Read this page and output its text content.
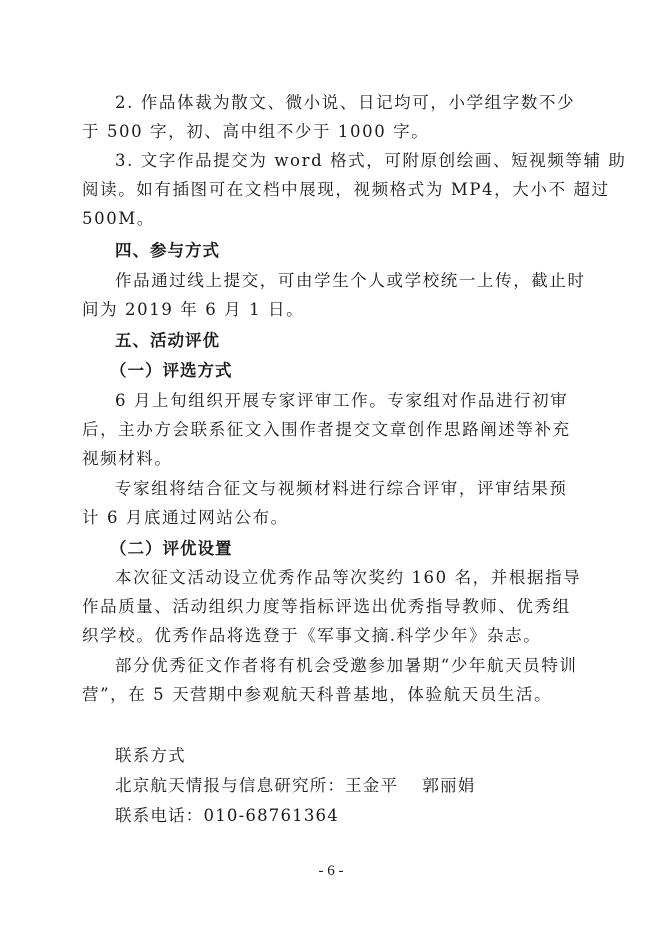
2. 作品体裁为散文、微小说、日记均可，小学组字数不少
于 500 字，初、高中组不少于 1000 字。
3. 文字作品提交为 word 格式，可附原创绘画、短视频等辅 助
阅读。如有插图可在文档中展现，视频格式为 MP4，大小不 超过
500M。
四、参与方式
作品通过线上提交，可由学生个人或学校统一上传，截止时
间为 2019 年 6 月 1 日。
五、活动评优
（一）评选方式
6 月上旬组织开展专家评审工作。专家组对作品进行初审
后，主办方会联系征文入围作者提交文章创作思路阐述等补充
视频材料。
专家组将结合征文与视频材料进行综合评审，评审结果预
计 6 月底通过网站公布。
（二）评优设置
本次征文活动设立优秀作品等次奖约 160 名，并根据指导
作品质量、活动组织力度等指标评选出优秀指导教师、优秀组
织学校。优秀作品将选登于《军事文摘.科学少年》杂志。
部分优秀征文作者将有机会受邀参加暑期“少年航天员特训
营”，在 5 天营期中参观航天科普基地，体验航天员生活。
联系方式
北京航天情报与信息研究所：王金平　 郭丽娟
联系电话：010-68761364
- 6 -
